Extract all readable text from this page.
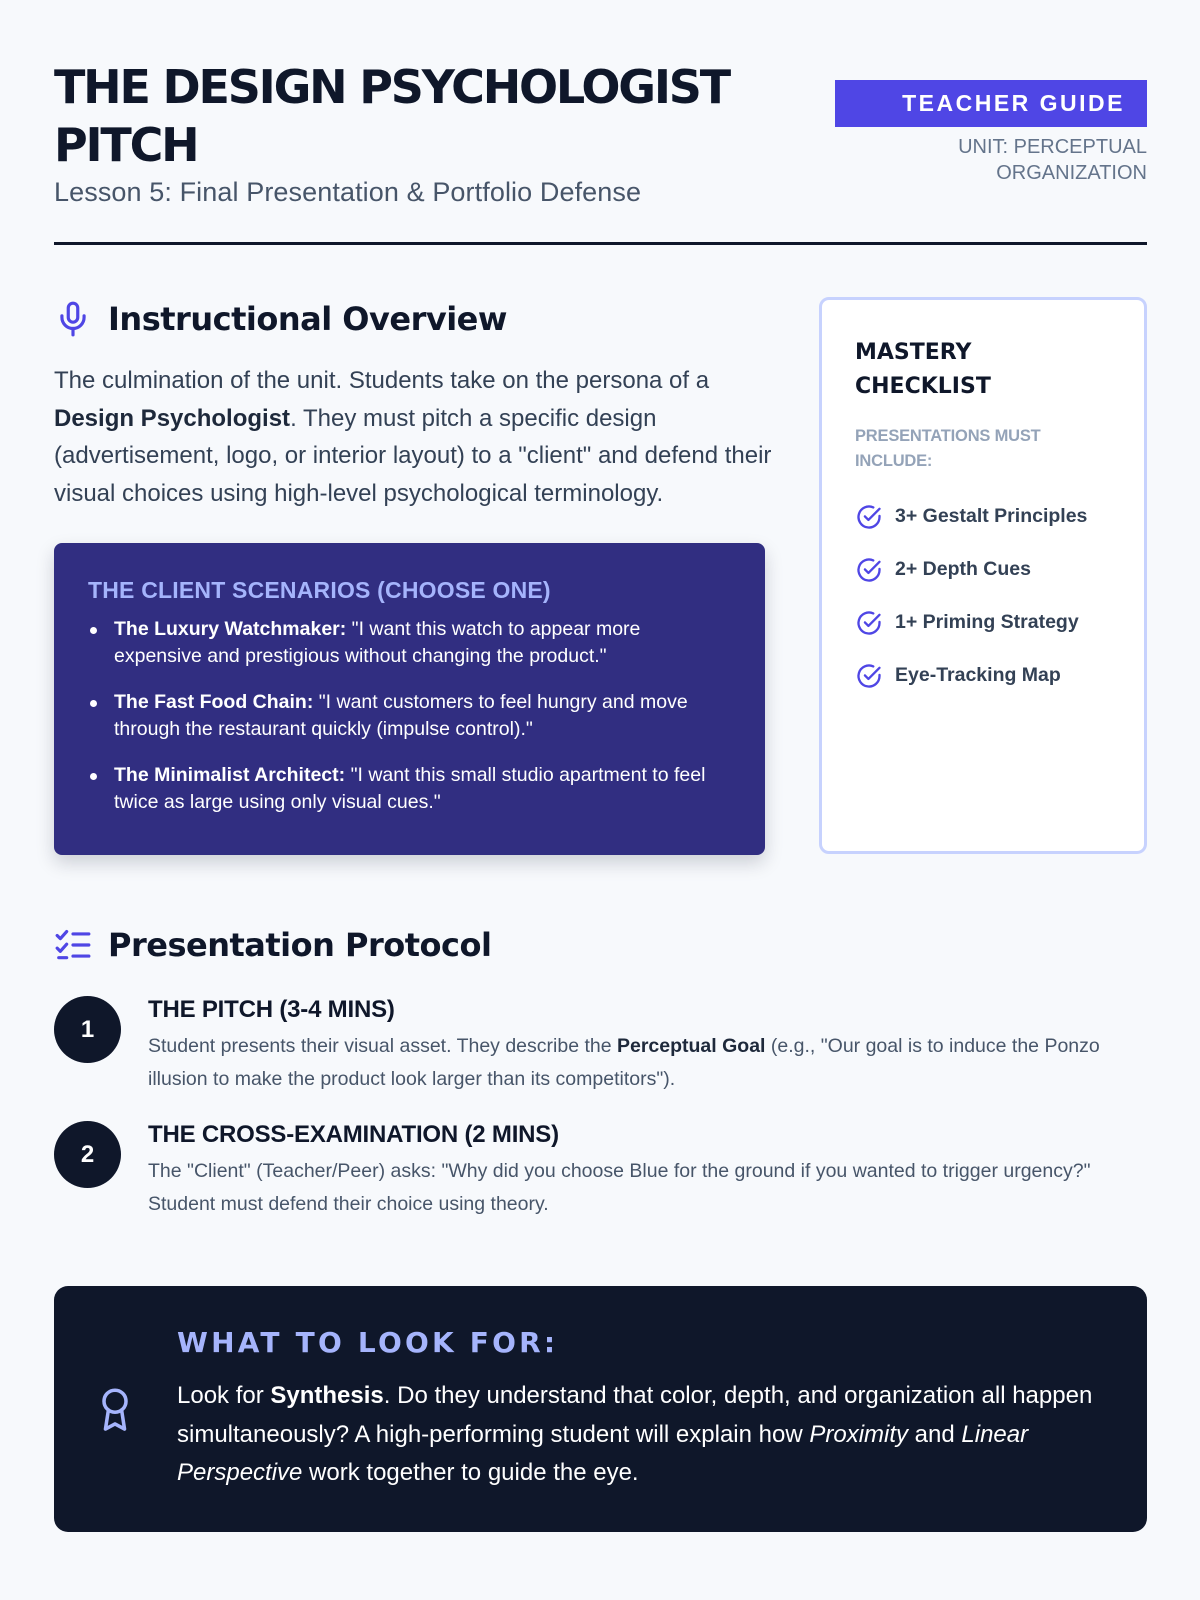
THE DESIGN PSYCHOLOGIST
PITCH
Lesson 5: Final Presentation & Portfolio Defense
TEACHER GUIDE
UNIT: PERCEPTUAL
ORGANIZATION
Instructional Overview

The culmination of the unit. Students take on the persona of a Design Psychologist. They must pitch a specific design (advertisement, logo, or interior layout) to a "client" and defend their visual choices using high-level psychological terminology.

THE CLIENT SCENARIOS (CHOOSE ONE)
The Luxury Watchmaker: "I want this watch to appear more expensive and prestigious without changing the product."
The Fast Food Chain: "I want customers to feel hungry and move through the restaurant quickly (impulse control)."
The Minimalist Architect: "I want this small studio apartment to feel twice as large using only visual cues."
MASTERY
CHECKLIST
PRESENTATIONS MUST
INCLUDE:
3+ Gestalt Principles
2+ Depth Cues
1+ Priming Strategy
Eye-Tracking Map
Presentation Protocol
1
THE PITCH (3-4 MINS)

Student presents their visual asset. They describe the Perceptual Goal (e.g., "Our goal is to induce the Ponzo illusion to make the product look larger than its competitors").

2
THE CROSS-EXAMINATION (2 MINS)

The "Client" (Teacher/Peer) asks: "Why did you choose Blue for the ground if you wanted to trigger urgency?" Student must defend their choice using theory.

WHAT TO LOOK FOR:

Look for Synthesis. Do they understand that color, depth, and organization all happen simultaneously? A high-performing student will explain how Proximity and Linear Perspective work together to guide the eye.
